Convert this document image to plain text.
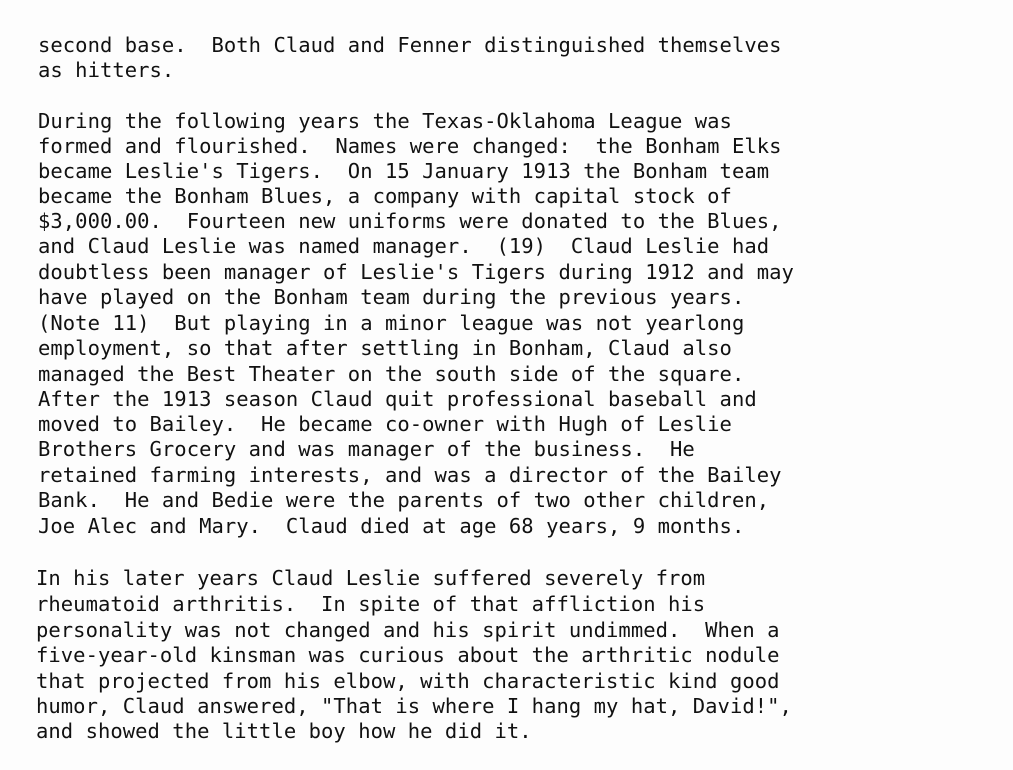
second base.  Both Claud and Fenner distinguished themselves

as hitters.

During the following years the Texas-Oklahoma League was

formed and flourished.  Names were changed:  the Bonham Elks

became Leslie's Tigers.  On 15 January 1913 the Bonham team

became the Bonham Blues, a company with capital stock of

$3,000.00.  Fourteen new uniforms were donated to the Blues,

and Claud Leslie was named manager.  (19)  Claud Leslie had

doubtless been manager of Leslie's Tigers during 1912 and may

have played on the Bonham team during the previous years.

(Note 11)  But playing in a minor league was not yearlong

employment, so that after settling in Bonham, Claud also

managed the Best Theater on the south side of the square.

After the 1913 season Claud quit professional baseball and

moved to Bailey.  He became co-owner with Hugh of Leslie

Brothers Grocery and was manager of the business.  He

retained farming interests, and was a director of the Bailey

Bank.  He and Bedie were the parents of two other children,

Joe Alec and Mary.  Claud died at age 68 years, 9 months.

In his later years Claud Leslie suffered severely from

rheumatoid arthritis.  In spite of that affliction his

personality was not changed and his spirit undimmed.  When a

five-year-old kinsman was curious about the arthritic nodule

that projected from his elbow, with characteristic kind good

humor, Claud answered, "That is where I hang my hat, David!",

and showed the little boy how he did it.
